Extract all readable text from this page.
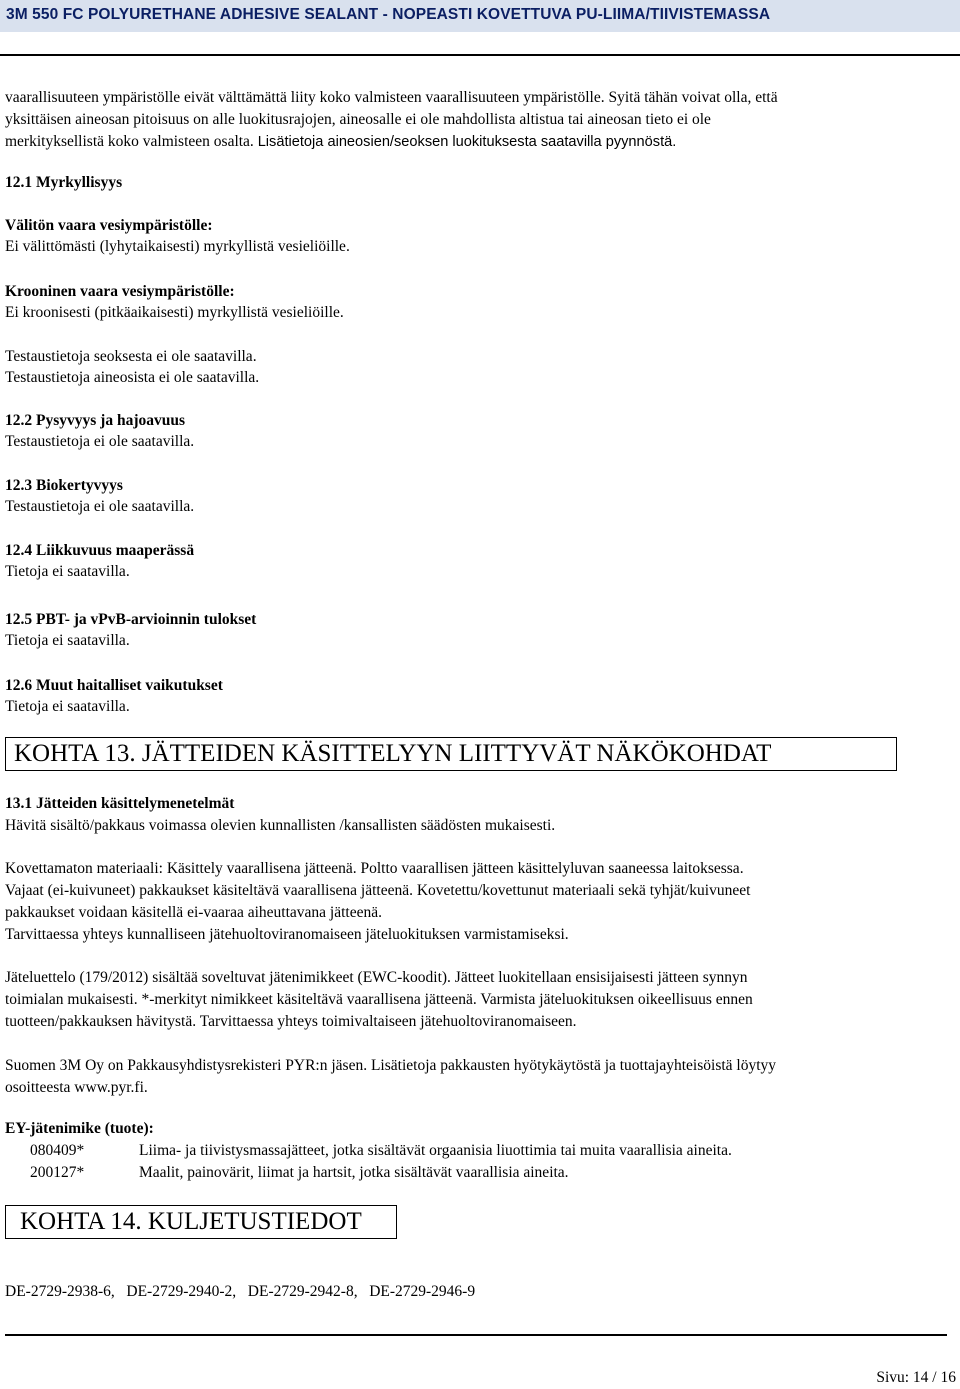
3M 550 FC POLYURETHANE ADHESIVE SEALANT - NOPEASTI KOVETTUVA PU-LIIMA/TIIVISTEMASSA
vaarallisuuteen ympäristölle eivät välttämättä liity koko valmisteen vaarallisuuteen ympäristölle. Syitä tähän voivat olla, että
yksittäisen aineosan pitoisuus on alle luokitusrajojen, aineosalle ei ole mahdollista altistua tai aineosan tieto ei ole
merkityksellistä koko valmisteen osalta. Lisätietoja aineosien/seoksen luokituksesta saatavilla pyynnöstä.
12.1 Myrkyllisyys
Välitön vaara vesiympäristölle:
Ei välittömästi (lyhytaikaisesti) myrkyllistä vesieliöille.
Krooninen vaara vesiympäristölle:
Ei kroonisesti (pitkäaikaisesti) myrkyllistä vesieliöille.
Testaustietoja seoksesta ei ole saatavilla.
Testaustietoja aineosista ei ole saatavilla.
12.2 Pysyvyys ja hajoavuus
Testaustietoja ei ole saatavilla.
12.3 Biokertyvyys
Testaustietoja ei ole saatavilla.
12.4 Liikkuvuus maaperässä
Tietoja ei saatavilla.
12.5 PBT- ja vPvB-arvioinnin tulokset
Tietoja ei saatavilla.
12.6 Muut haitalliset vaikutukset
Tietoja ei saatavilla.
KOHTA 13. JÄTTEIDEN KÄSITTELYYN LIITTYVÄT NÄKÖKOHDAT
13.1 Jätteiden käsittelymenetelmät
Hävitä sisältö/pakkaus voimassa olevien kunnallisten /kansallisten säädösten mukaisesti.
Kovettamaton materiaali: Käsittely vaarallisena jätteenä. Poltto vaarallisen jätteen käsittelyluvan saaneessa laitoksessa.
Vajaat (ei-kuivuneet) pakkaukset käsiteltävä vaarallisena jätteenä. Kovetettu/kovettunut materiaali sekä tyhjät/kuivuneet
pakkaukset voidaan käsitellä ei-vaaraa aiheuttavana jätteenä.
Tarvittaessa yhteys kunnalliseen jätehuoltoviranomaiseen jäteluokituksen varmistamiseksi.
Jäteluettelo (179/2012) sisältää soveltuvat jätenimikkeet (EWC-koodit). Jätteet luokitellaan ensisijaisesti jätteen synnyn
toimialan mukaisesti. *-merkityt nimikkeet käsiteltävä vaarallisena jätteenä. Varmista jäteluokituksen oikeellisuus ennen
tuotteen/pakkauksen hävitystä. Tarvittaessa yhteys toimivaltaiseen jätehuoltoviranomaiseen.
Suomen 3M Oy on Pakkausyhdistysrekisteri PYR:n jäsen. Lisätietoja pakkausten hyötykäytöstä ja tuottajayhteisöistä löytyy
osoitteesta www.pyr.fi.
EY-jätenimike (tuote):
080409*	Liima- ja tiivistysmassajätteet, jotka sisältävät orgaanisia liuottimia tai muita vaarallisia aineita.
200127*	Maalit, painovärit, liimat ja hartsit, jotka sisältävät vaarallisia aineita.
KOHTA 14. KULJETUSTIEDOT
DE-2729-2938-6,   DE-2729-2940-2,   DE-2729-2942-8,   DE-2729-2946-9
Sivu: 14 / 16
